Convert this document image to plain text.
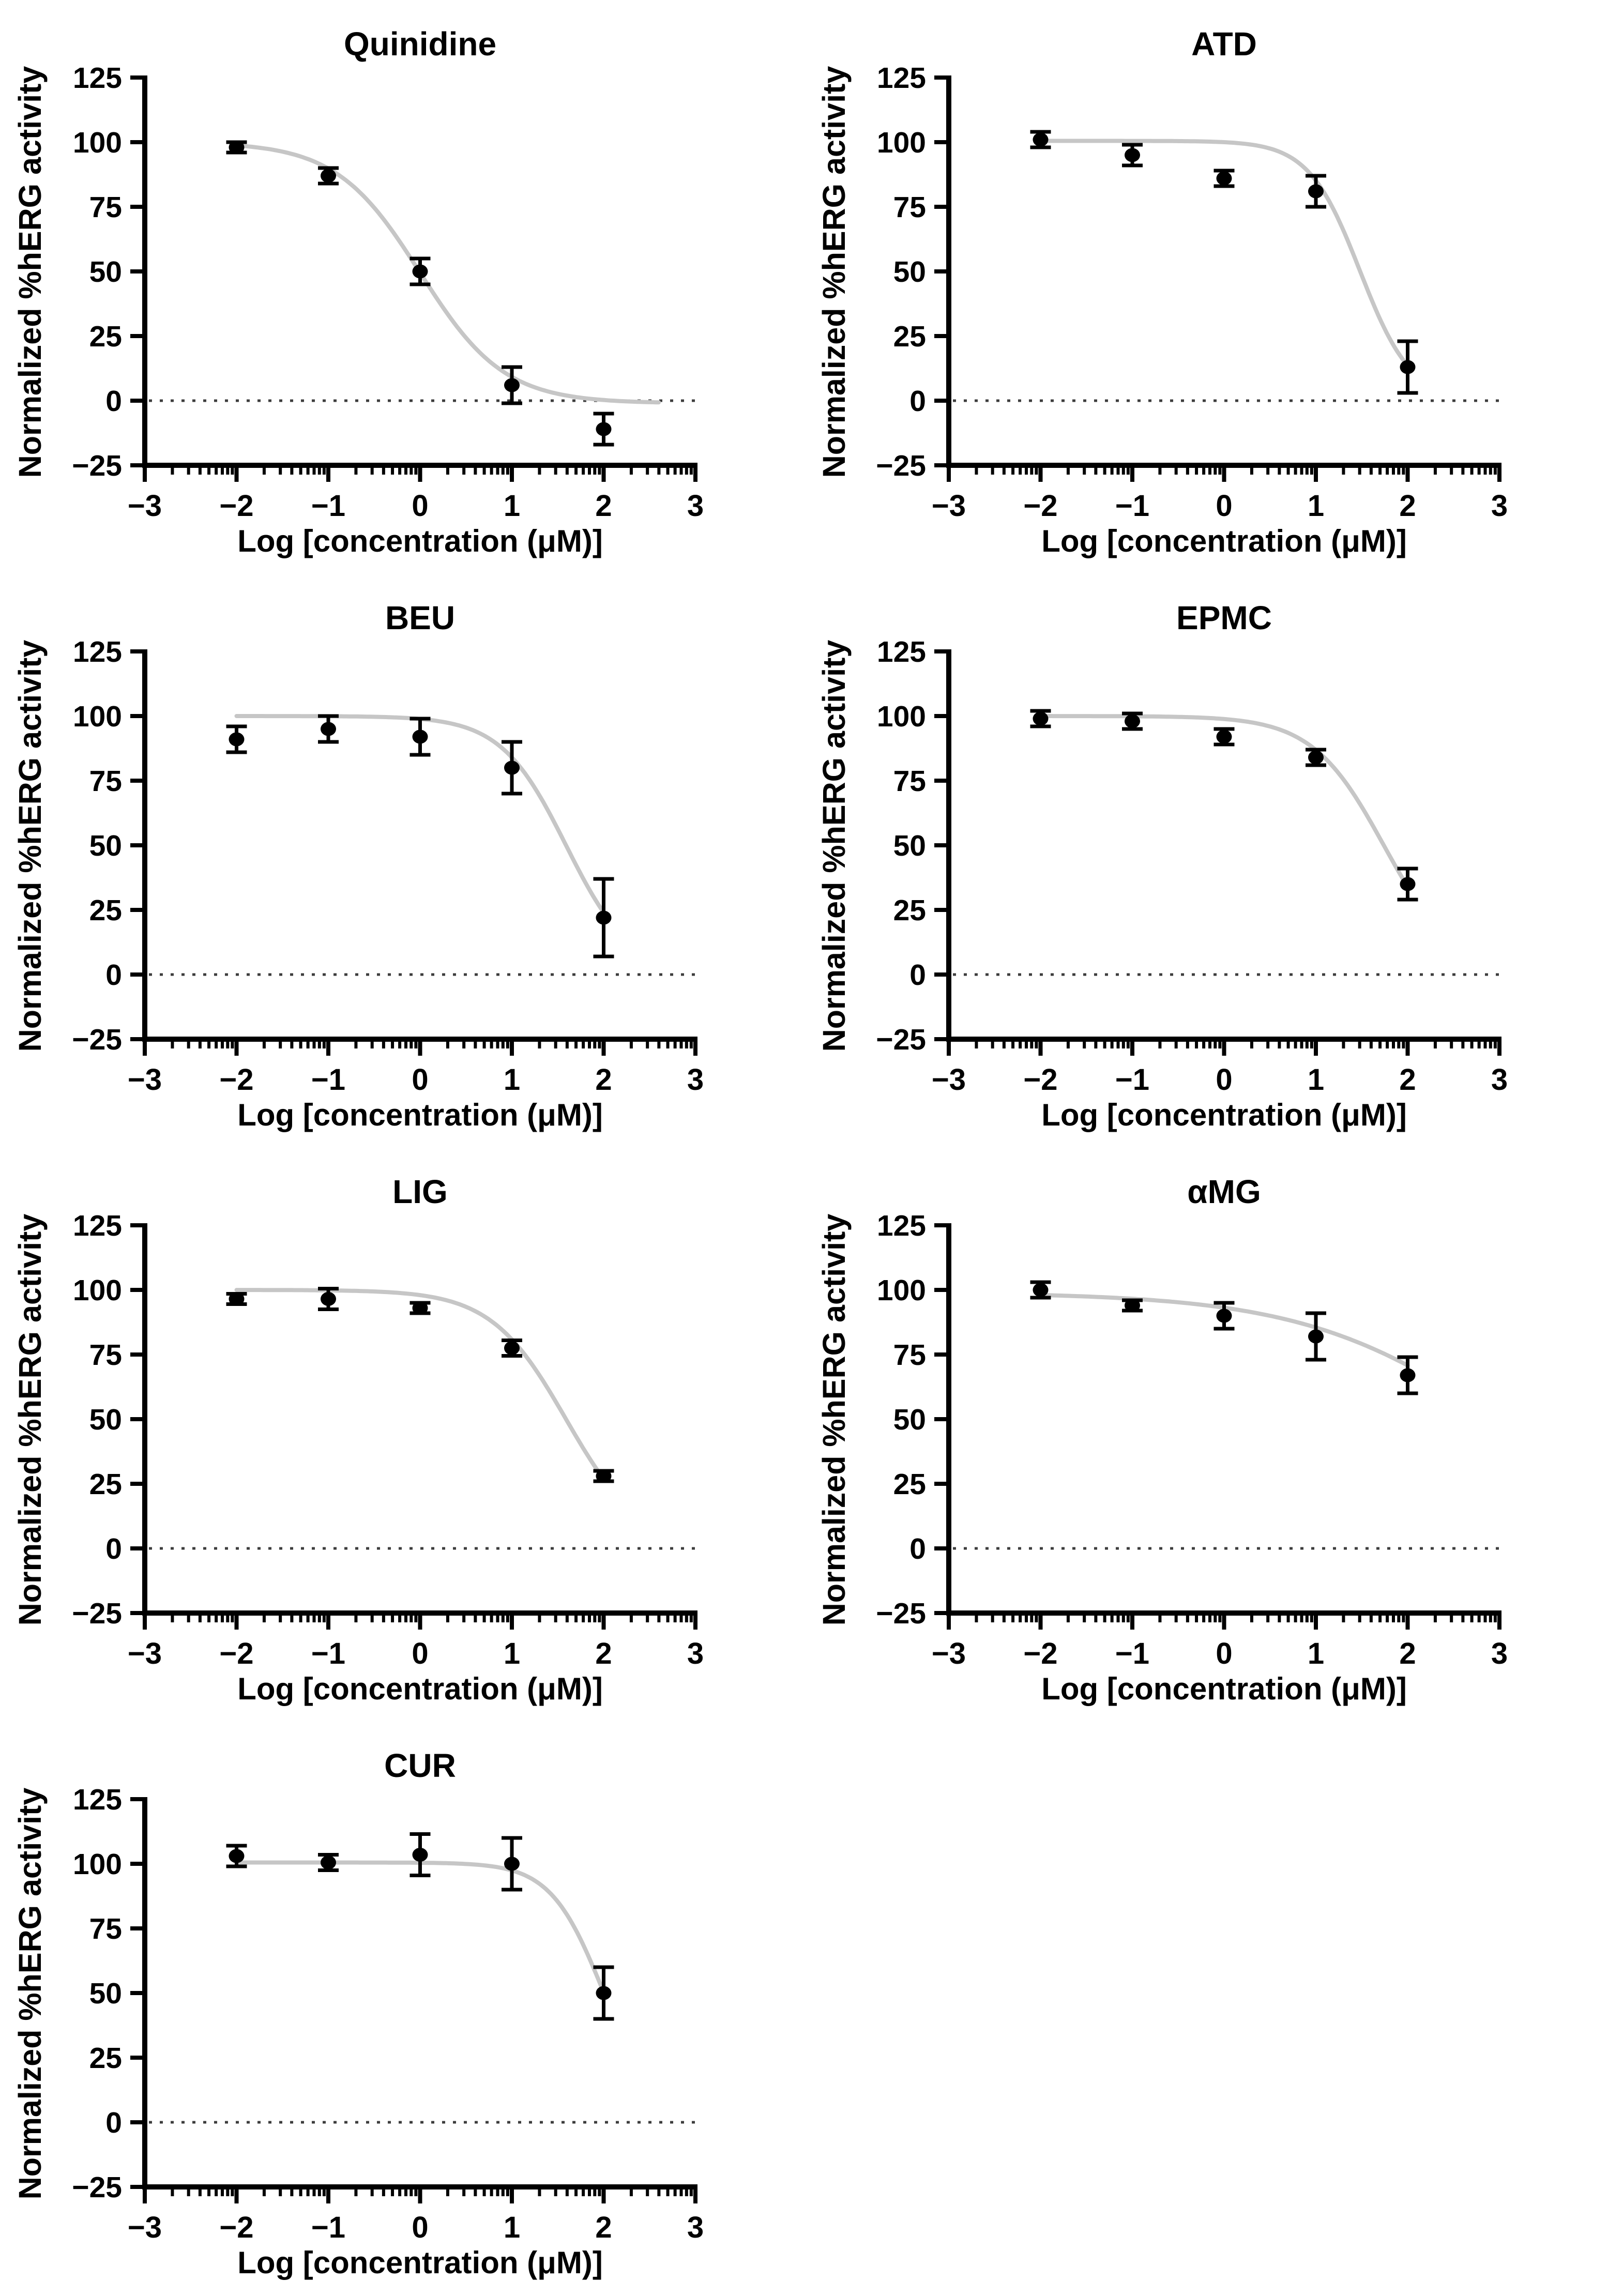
Quinidine
Normalized %hERG activity
Log [concentration (μM)]
−25
0
25
50
75
100
125
−3 −2 −1 0	1	2	3
ATD
Normalized %hERG activity
Log [concentration (μM)]
−25
0
25
50
75
100
125
−3 −2 −1 0	1	2	3
BEU
Normalized %hERG activity
Log [concentration (μM)]
−25
0
25
50
75
100
125
−3 −2 −1 0	1	2	3
EPMC
Normalized %hERG activity
Log [concentration (μM)]
−25
0
25
50
75
100
125
−3 −2 −1 0	1	2	3
LIG
Normalized %hERG activity
Log [concentration (μM)]
−25
0
25
50
75
100
125
−3 −2 −1 0	1	2	3
αMG
Normalized %hERG activity
Log [concentration (μM)]
−25
0
25
50
75
100
125
−3 −2 −1 0	1	2	3
CUR
Normalized %hERG activity
Log [concentration (μM)]
−25
0
25
50
75
100
125
−3 −2 −1 0	1	2	3
